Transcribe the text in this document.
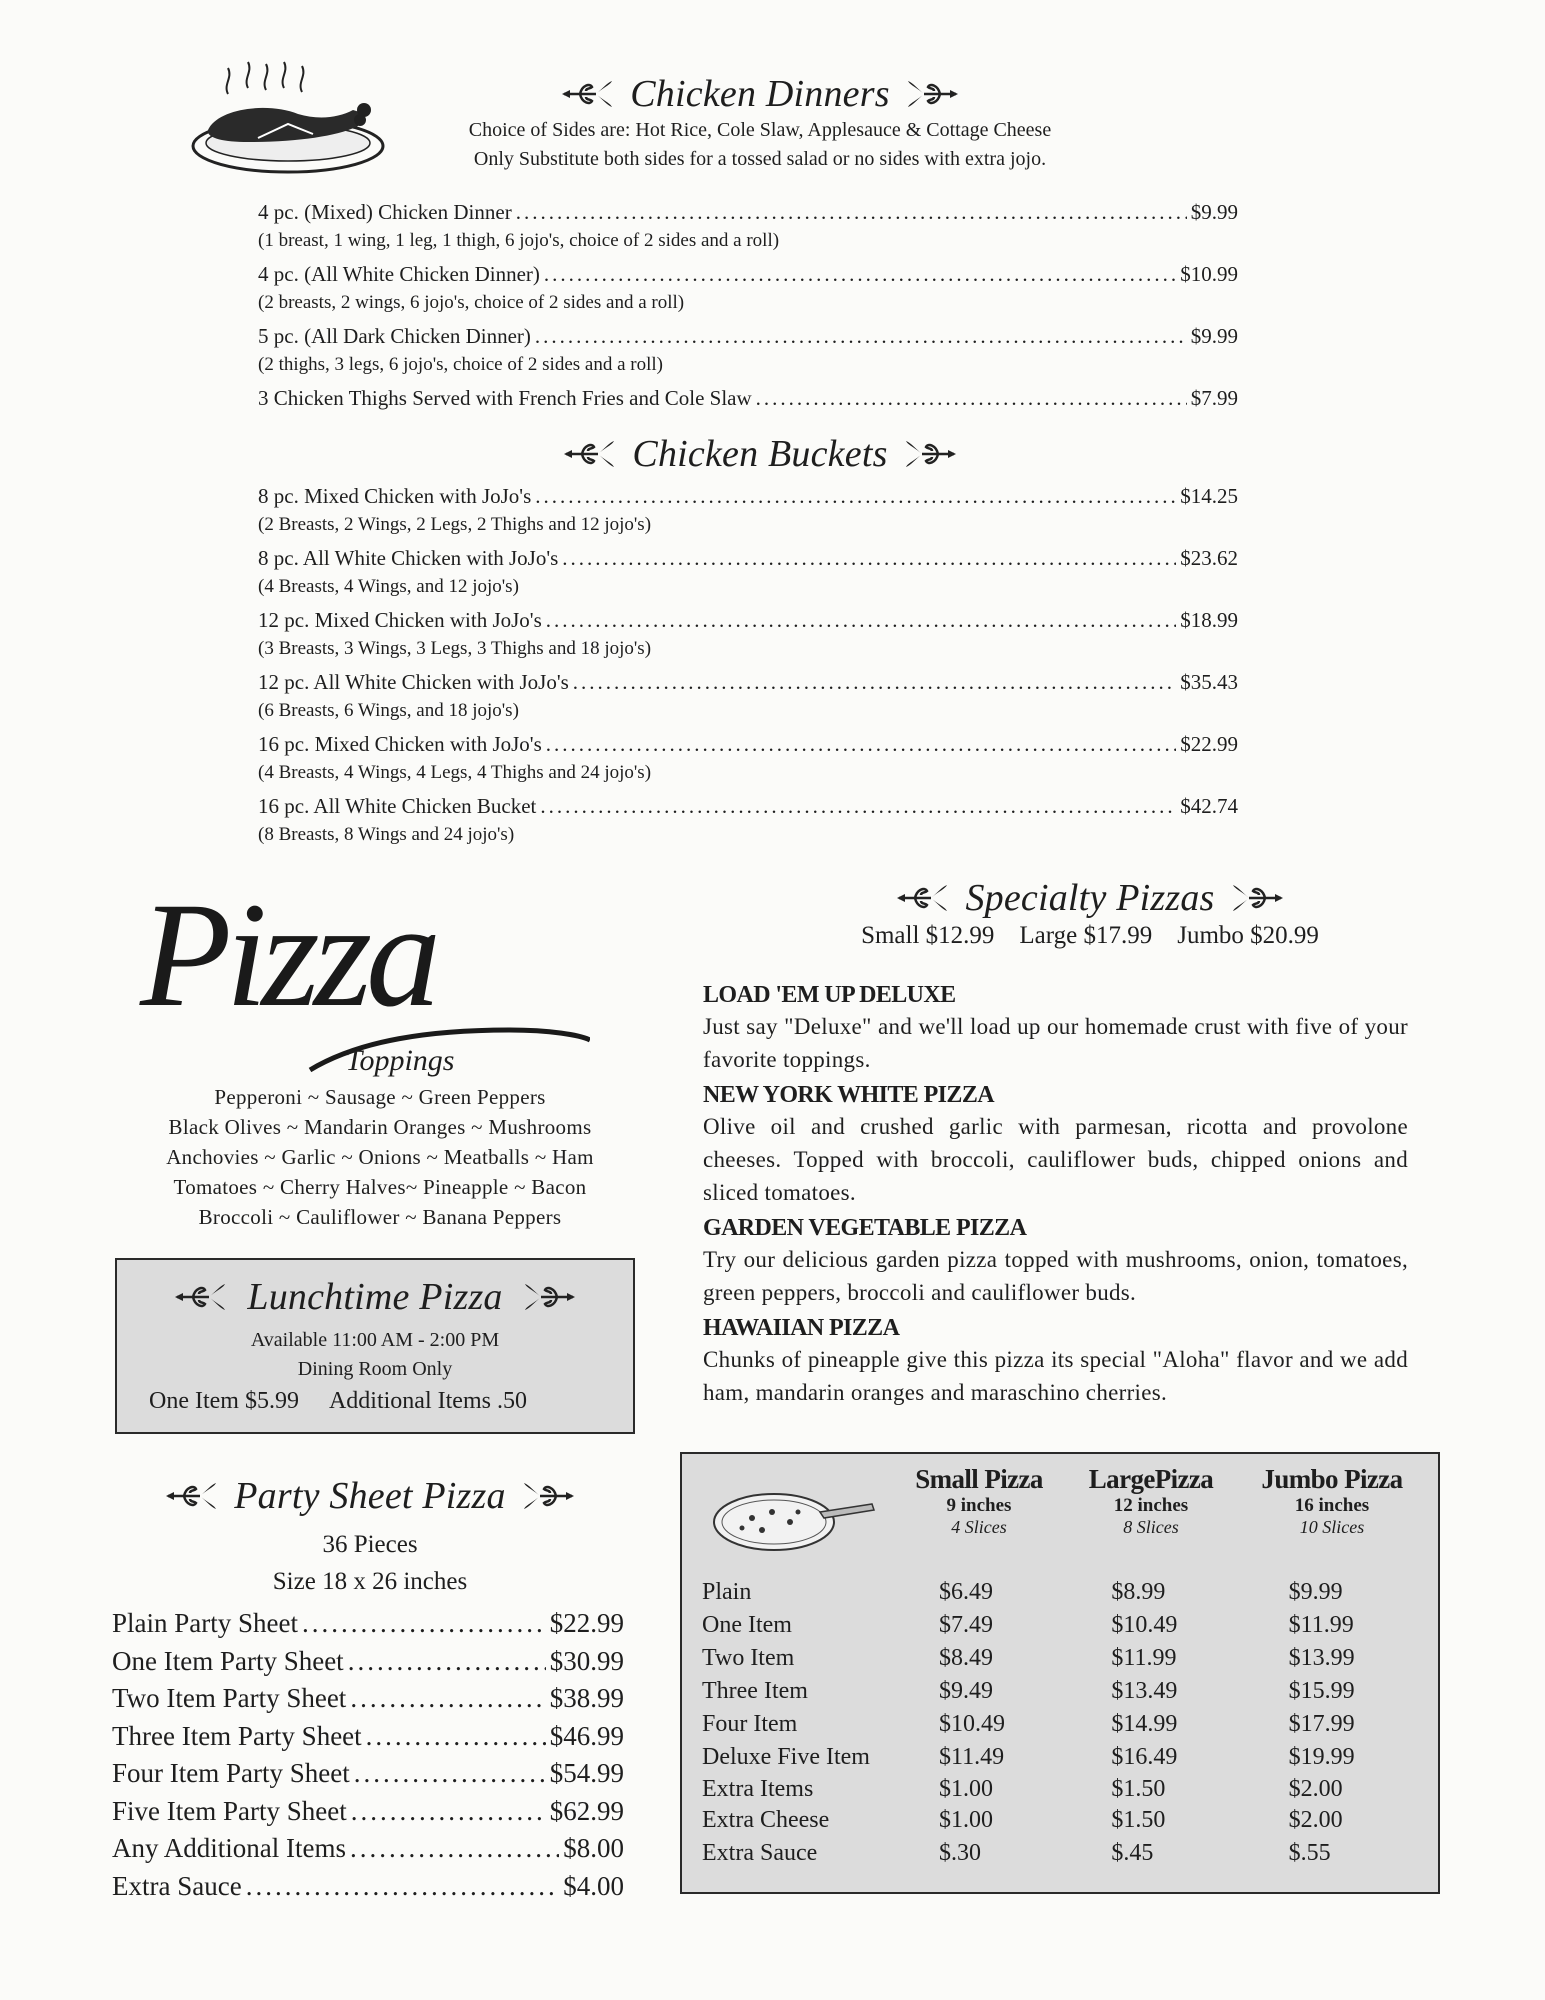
Chicken Dinners
Choice of Sides are: Hot Rice, Cole Slaw, Applesauce & Cottage Cheese
Only Substitute both sides for a tossed salad or no sides with extra jojo.
4 pc. (Mixed) Chicken Dinner .....	$9.99
(1 breast, 1 wing, 1 leg, 1 thigh, 6 jojo's, choice of 2 sides and a roll)
4 pc. (All White Chicken Dinner) .....	$10.99
(2 breasts, 2 wings, 6 jojo's, choice of 2 sides and a roll)
5 pc. (All Dark Chicken Dinner) .....	$9.99
(2 thighs, 3 legs, 6 jojo's, choice of 2 sides and a roll)
3 Chicken Thighs Served with French Fries and Cole Slaw .....	$7.99
Chicken Buckets
8 pc. Mixed Chicken with JoJo's .....	$14.25
(2 Breasts, 2 Wings, 2 Legs, 2 Thighs and 12 jojo's)
8 pc. All White Chicken with JoJo's .....	$23.62
(4 Breasts, 4 Wings, and 12 jojo's)
12 pc. Mixed Chicken with JoJo's .....	$18.99
(3 Breasts, 3 Wings, 3 Legs, 3 Thighs and 18 jojo's)
12 pc. All White Chicken with JoJo's .....	$35.43
(6 Breasts, 6 Wings, and 18 jojo's)
16 pc. Mixed Chicken with JoJo's .....	$22.99
(4 Breasts, 4 Wings, 4 Legs, 4 Thighs and 24 jojo's)
16 pc. All White Chicken Bucket .....	$42.74
(8 Breasts, 8 Wings and 24 jojo's)
Pizza
Toppings
Pepperoni ~ Sausage ~ Green Peppers
Black Olives ~ Mandarin Oranges ~ Mushrooms
Anchovies ~ Garlic ~ Onions ~ Meatballs ~ Ham
Tomatoes ~ Cherry Halves~ Pineapple ~ Bacon
Broccoli ~ Cauliflower ~ Banana Peppers
Lunchtime Pizza
Available 11:00 AM - 2:00 PM
Dining Room Only
One Item $5.99 Additional Items .50
Party Sheet Pizza
36 Pieces
Size 18 x 26 inches
Plain Party Sheet .....	$22.99
One Item Party Sheet .....	$30.99
Two Item Party Sheet .....	$38.99
Three Item Party Sheet .....	$46.99
Four Item Party Sheet .....	$54.99
Five Item Party Sheet .....	$62.99
Any Additional Items .....	$8.00
Extra Sauce .....	$4.00
Specialty Pizzas
Small $12.99    Large $17.99    Jumbo $20.99
LOAD 'EM UP DELUXE
Just say "Deluxe" and we'll load up our homemade crust with five of your favorite toppings.
NEW YORK WHITE PIZZA
Olive oil and crushed garlic with parmesan, ricotta and provolone cheeses. Topped with broccoli, cauliflower buds, chipped onions and sliced tomatoes.
GARDEN VEGETABLE PIZZA
Try our delicious garden pizza topped with mushrooms, onion, tomatoes, green peppers, broccoli and cauliflower buds.
HAWAIIAN PIZZA
Chunks of pineapple give this pizza its special "Aloha" flavor and we add ham, mandarin oranges and maraschino cherries.
Small Pizza
9 inches
4 Slices
LargePizza
12 inches
8 Slices
Jumbo Pizza
16 inches
10 Slices
Plain	$6.49	$8.99	$9.99
One Item	$7.49	$10.49	$11.99
Two Item	$8.49	$11.99	$13.99
Three Item	$9.49	$13.49	$15.99
Four Item	$10.49	$14.99	$17.99
Deluxe Five Item	$11.49	$16.49	$19.99
Extra Items	$1.00	$1.50	$2.00
Extra Cheese	$1.00	$1.50	$2.00
Extra Sauce	$.30	$.45	$.55
